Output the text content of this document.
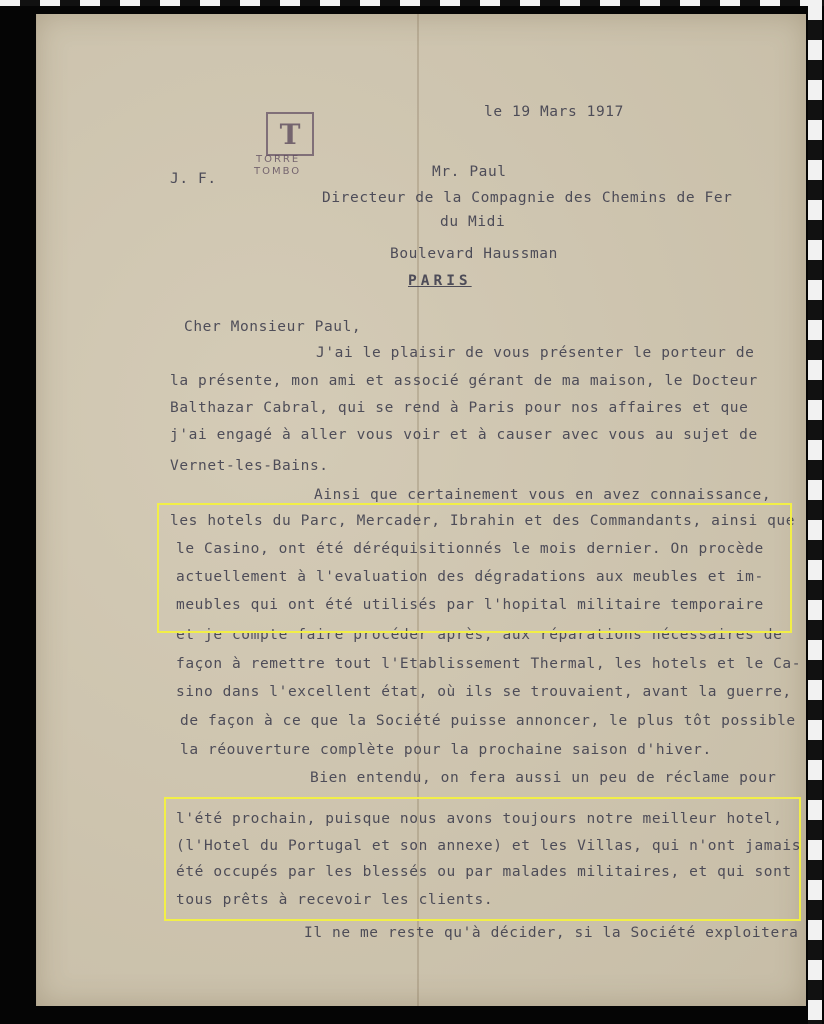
T
TORRE
TOMBO
le 19 Mars 1917
J. F.	Mr. Paul
Directeur de la Compagnie des Chemins de Fer
du Midi
Boulevard Haussman
PARIS
Cher Monsieur Paul,
J'ai le plaisir de vous présenter le porteur de
la présente, mon ami et associé gérant de ma maison, le Docteur
Balthazar Cabral, qui se rend à Paris pour nos affaires et que
j'ai engagé à aller vous voir et à causer avec vous au sujet de
Vernet-les-Bains.
Ainsi que certainement vous en avez connaissance,
les hotels du Parc, Mercader, Ibrahin et des Commandants, ainsi que
le Casino, ont été déréquisitionnés le mois dernier. On procède
actuellement à l'evaluation des dégradations aux meubles et im-
meubles qui ont été utilisés par l'hopital militaire temporaire
et je compte faire procéder après, aux réparations nécessaires de
façon à remettre tout l'Etablissement Thermal, les hotels et le Ca-
sino dans l'excellent état, où ils se trouvaient, avant la guerre,
de façon à ce que la Société puisse annoncer, le plus tôt possible
la réouverture complète pour la prochaine saison d'hiver.
Bien entendu, on fera aussi un peu de réclame pour
l'été prochain, puisque nous avons toujours notre meilleur hotel,
(l'Hotel du Portugal et son annexe) et les Villas, qui n'ont jamais
été occupés par les blessés ou par malades militaires, et qui sont
tous prêts à recevoir les clients.
Il ne me reste qu'à décider, si la Société exploitera
